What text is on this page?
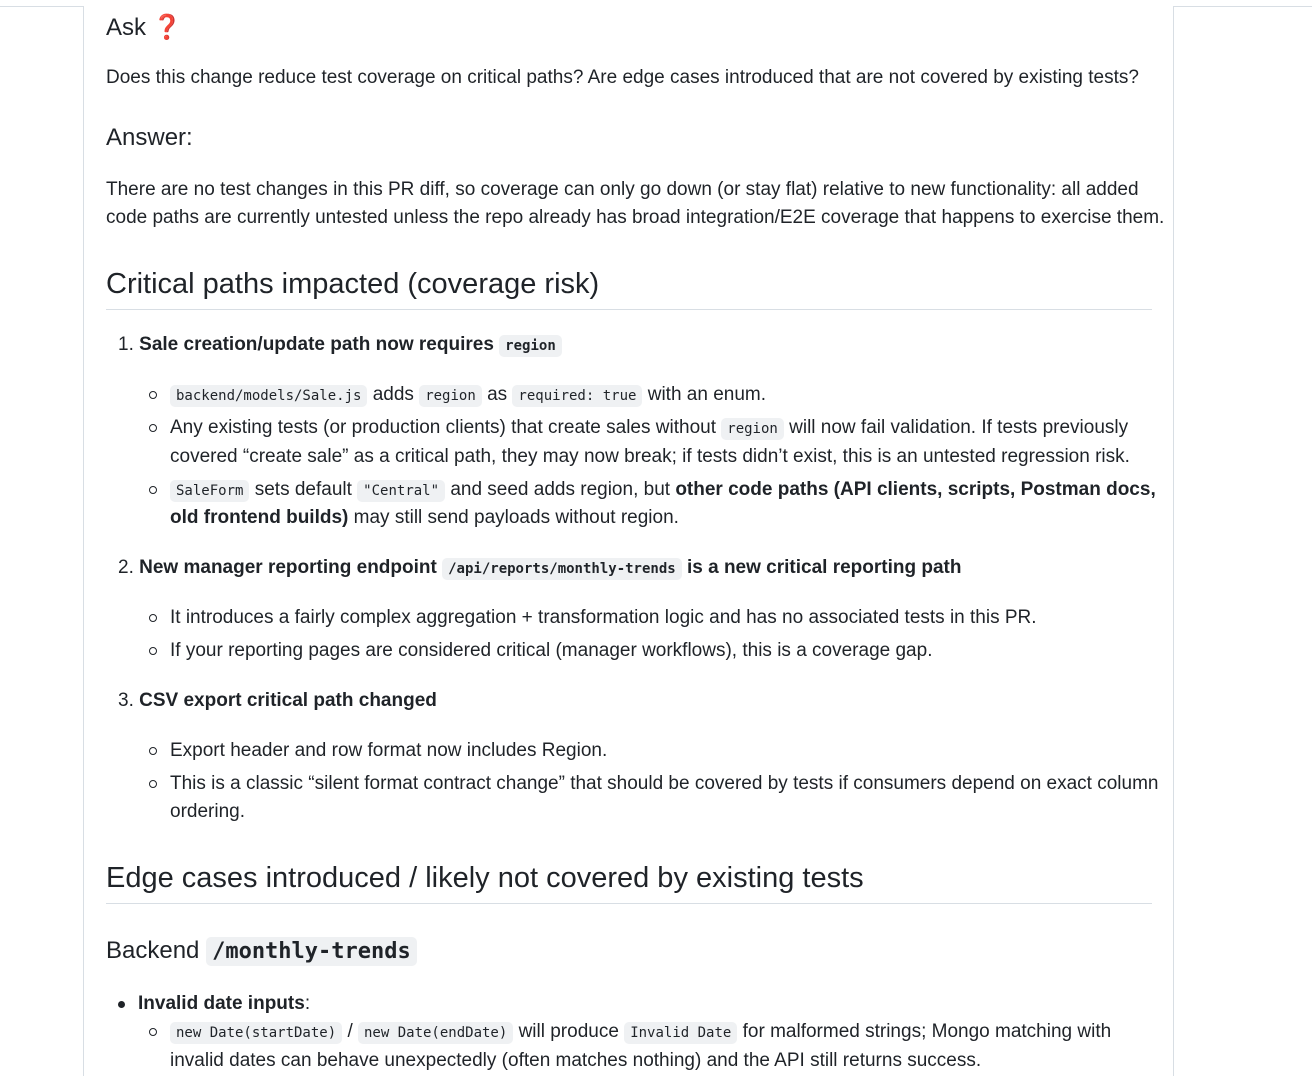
Ask ❓
Does this change reduce test coverage on critical paths? Are edge cases introduced that are not covered by existing tests?
Answer:
There are no test changes in this PR diff, so coverage can only go down (or stay flat) relative to new functionality: all added
code paths are currently untested unless the repo already has broad integration/E2E coverage that happens to exercise them.
Critical paths impacted (coverage risk)
1. Sale creation/update path now requires region
backend/models/Sale.js adds region as required: true with an enum.
Any existing tests (or production clients) that create sales without region will now fail validation. If tests previously
covered “create sale” as a critical path, they may now break; if tests didn’t exist, this is an untested regression risk.
SaleForm sets default "Central" and seed adds region, but other code paths (API clients, scripts, Postman docs,
old frontend builds) may still send payloads without region.
2. New manager reporting endpoint /api/reports/monthly-trends is a new critical reporting path
It introduces a fairly complex aggregation + transformation logic and has no associated tests in this PR.
If your reporting pages are considered critical (manager workflows), this is a coverage gap.
3. CSV export critical path changed
Export header and row format now includes Region.
This is a classic “silent format contract change” that should be covered by tests if consumers depend on exact column
ordering.
Edge cases introduced / likely not covered by existing tests
Backend /monthly-trends
Invalid date inputs:
new Date(startDate) / new Date(endDate) will produce Invalid Date for malformed strings; Mongo matching with
invalid dates can behave unexpectedly (often matches nothing) and the API still returns success.
